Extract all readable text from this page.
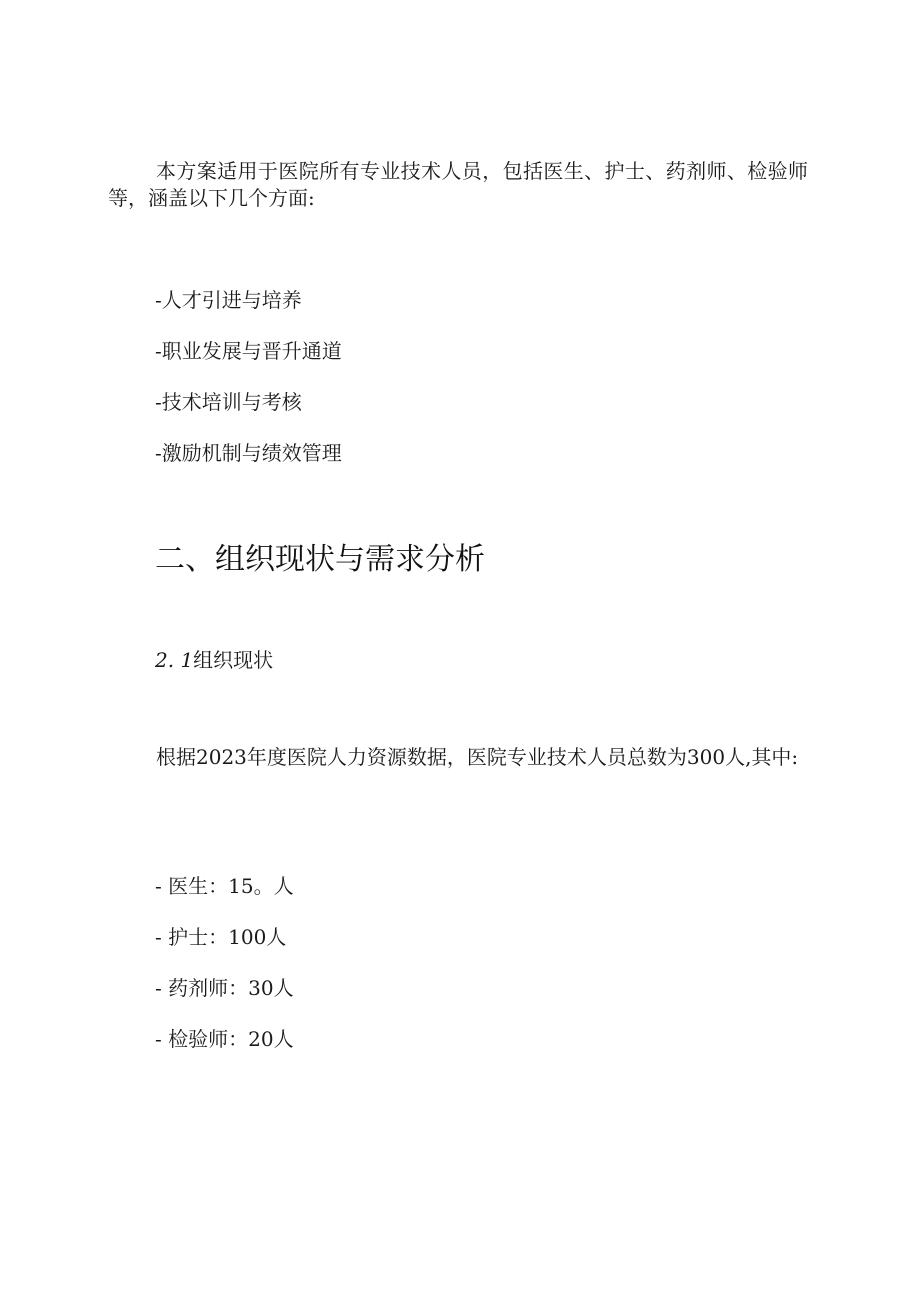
本方案适用于医院所有专业技术人员，包括医生、护士、药剂师、检验师等，涵盖以下几个方面:

-人才引进与培养

-职业发展与晋升通道

-技术培训与考核

-激励机制与绩效管理

二、组织现状与需求分析

2. 1组织现状

根据2023年度医院人力资源数据，医院专业技术人员总数为300人,其中:

- 医生：15。人

- 护士：100人

- 药剂师：30人

- 检验师：20人
